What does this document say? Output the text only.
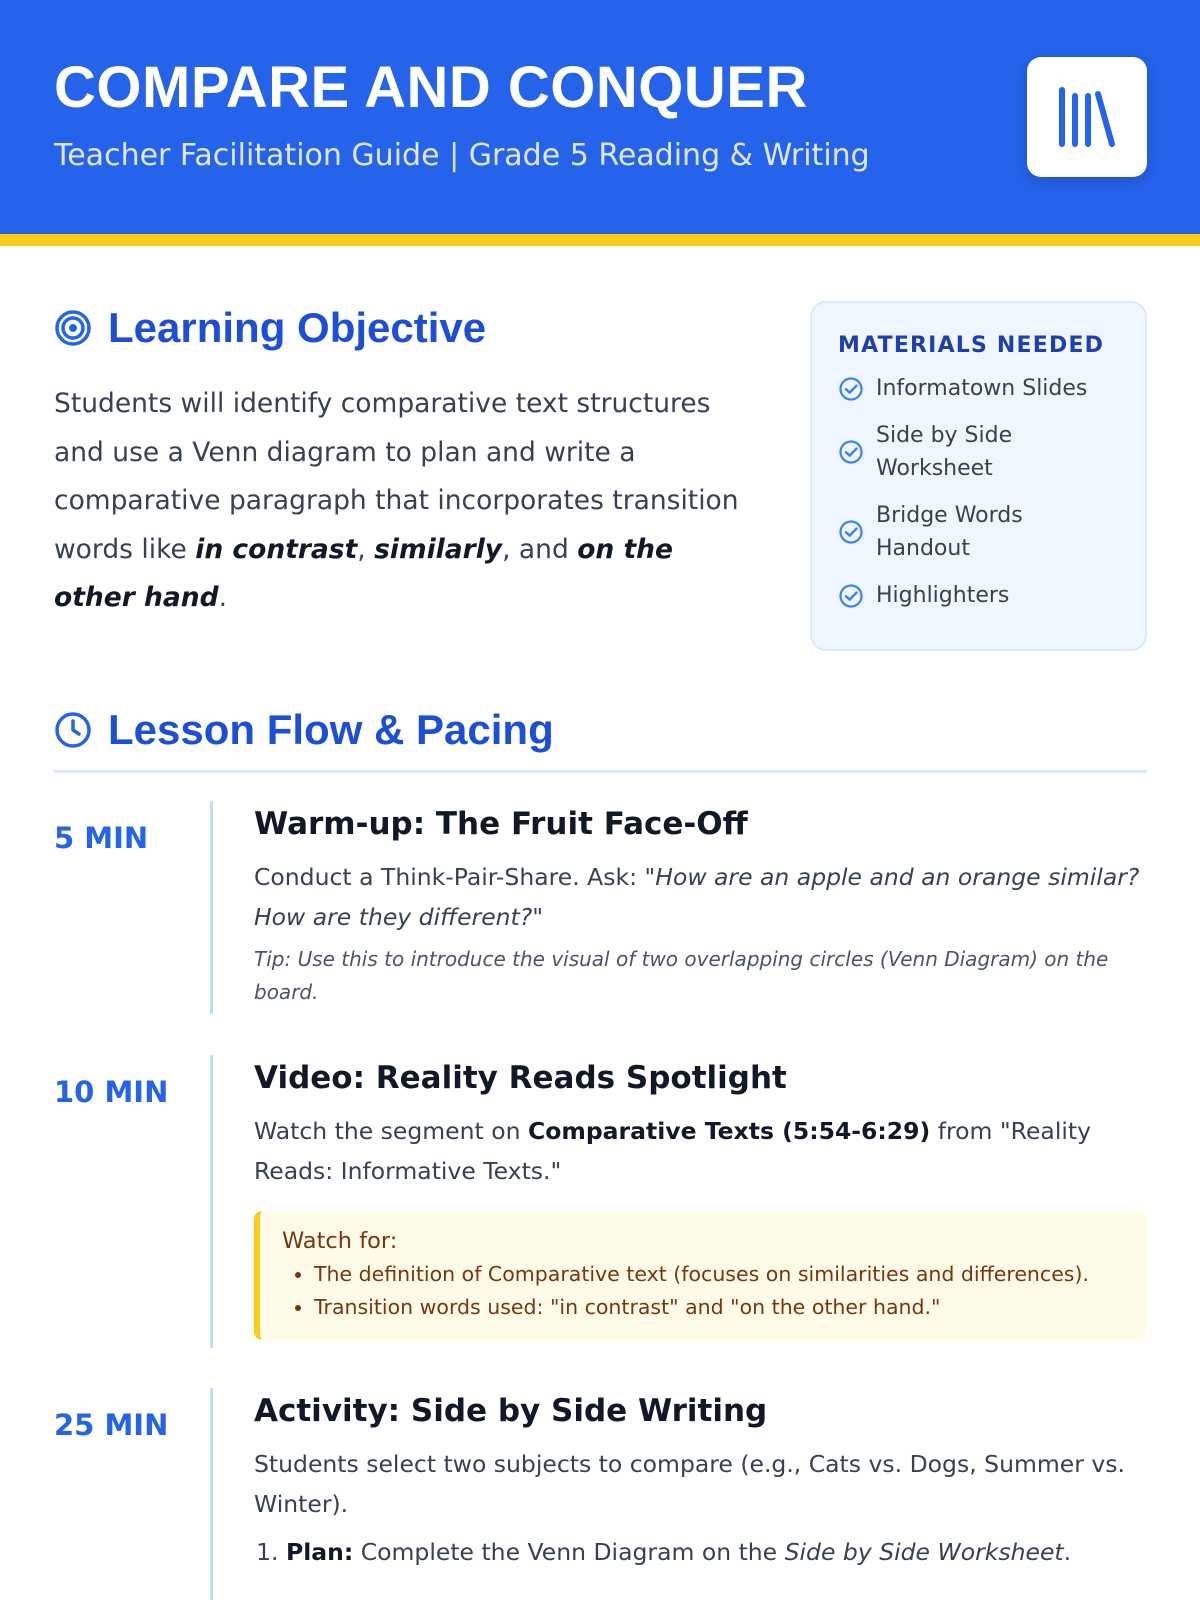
COMPARE AND CONQUER
Teacher Facilitation Guide | Grade 5 Reading & Writing
Learning Objective

Students will identify comparative text structures and use a Venn diagram to plan and write a comparative paragraph that incorporates transition words like in contrast, similarly, and on the other hand.

MATERIALS NEEDED
Informatown Slides
Side by Side Worksheet
Bridge Words Handout
Highlighters
Lesson Flow & Pacing
5 MIN	Warm-up: The Fruit Face-Off

Conduct a Think-Pair-Share. Ask: "How are an apple and an orange similar? How are they different?"

Tip: Use this to introduce the visual of two overlapping circles (Venn Diagram) on the board.

10 MIN	Video: Reality Reads Spotlight

Watch the segment on Comparative Texts (5:54-6:29) from "Reality Reads: Informative Texts."

Watch for:
• The definition of Comparative text (focuses on similarities and differences).
• Transition words used: "in contrast" and "on the other hand."
25 MIN	Activity: Side by Side Writing

Students select two subjects to compare (e.g., Cats vs. Dogs, Summer vs. Winter).

1. Plan: Complete the Venn Diagram on the Side by Side Worksheet.
